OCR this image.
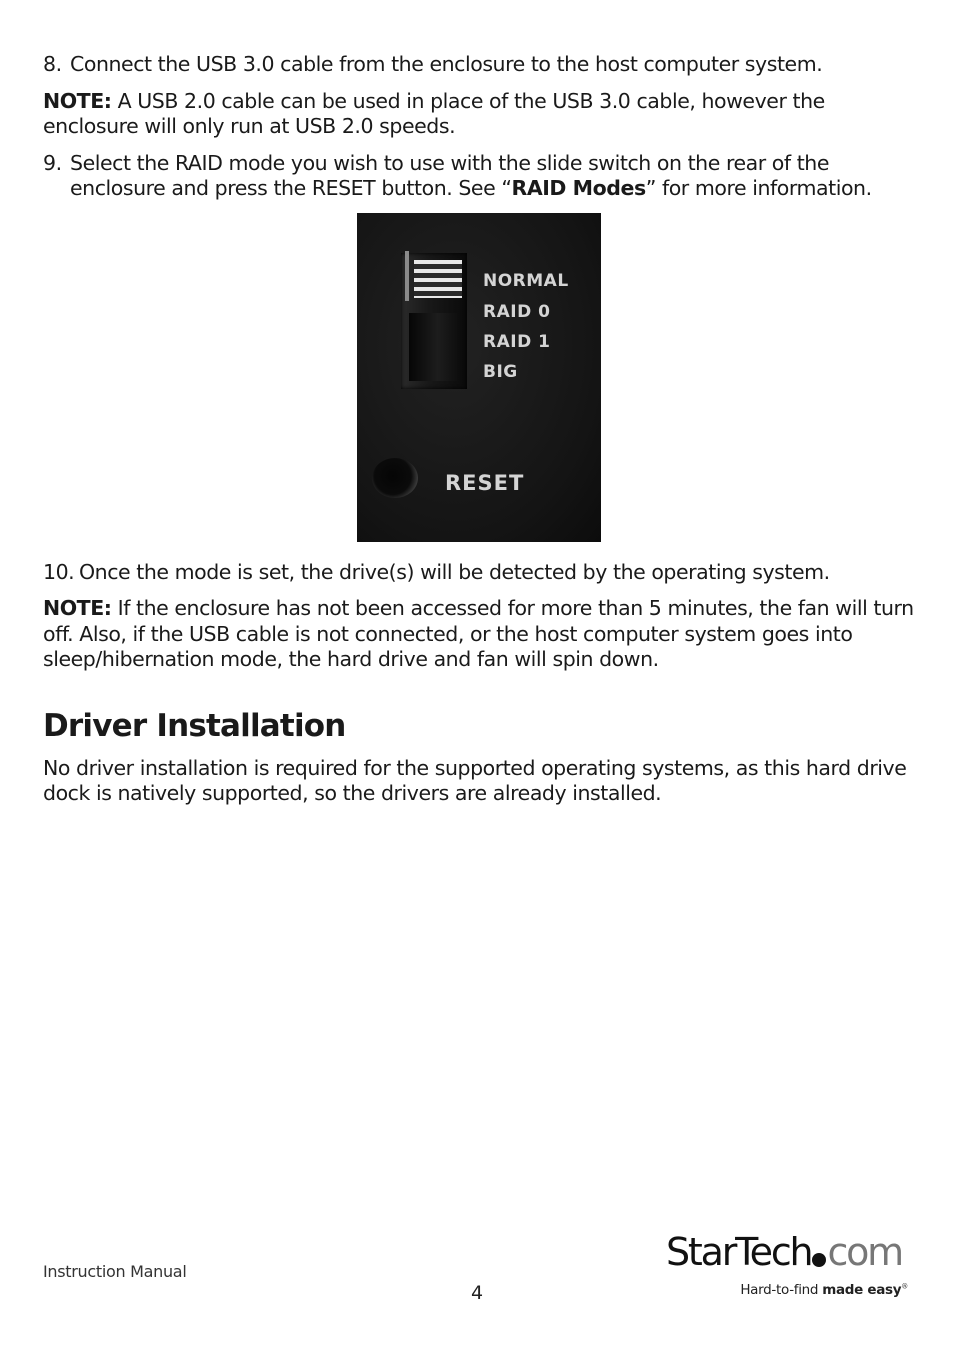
8. Connect the USB 3.0 cable from the enclosure to the host computer system.

NOTE: A USB 2.0 cable can be used in place of the USB 3.0 cable, however the enclosure will only run at USB 2.0 speeds.

9. Select the RAID mode you wish to use with the slide switch on the rear of the enclosure and press the RESET button. See “RAID Modes” for more information.
NORMAL
RAID 0
RAID 1
BIG
RESET
10. Once the mode is set, the drive(s) will be detected by the operating system.

NOTE: If the enclosure has not been accessed for more than 5 minutes, the fan will turn off. Also, if the USB cable is not connected, or the host computer system goes into sleep/hibernation mode, the hard drive and fan will spin down.

Driver Installation

No driver installation is required for the supported operating systems, as this hard drive dock is natively supported, so the drivers are already installed.

Instruction Manual
4
StarTech com
Hard-to-find made easy®
